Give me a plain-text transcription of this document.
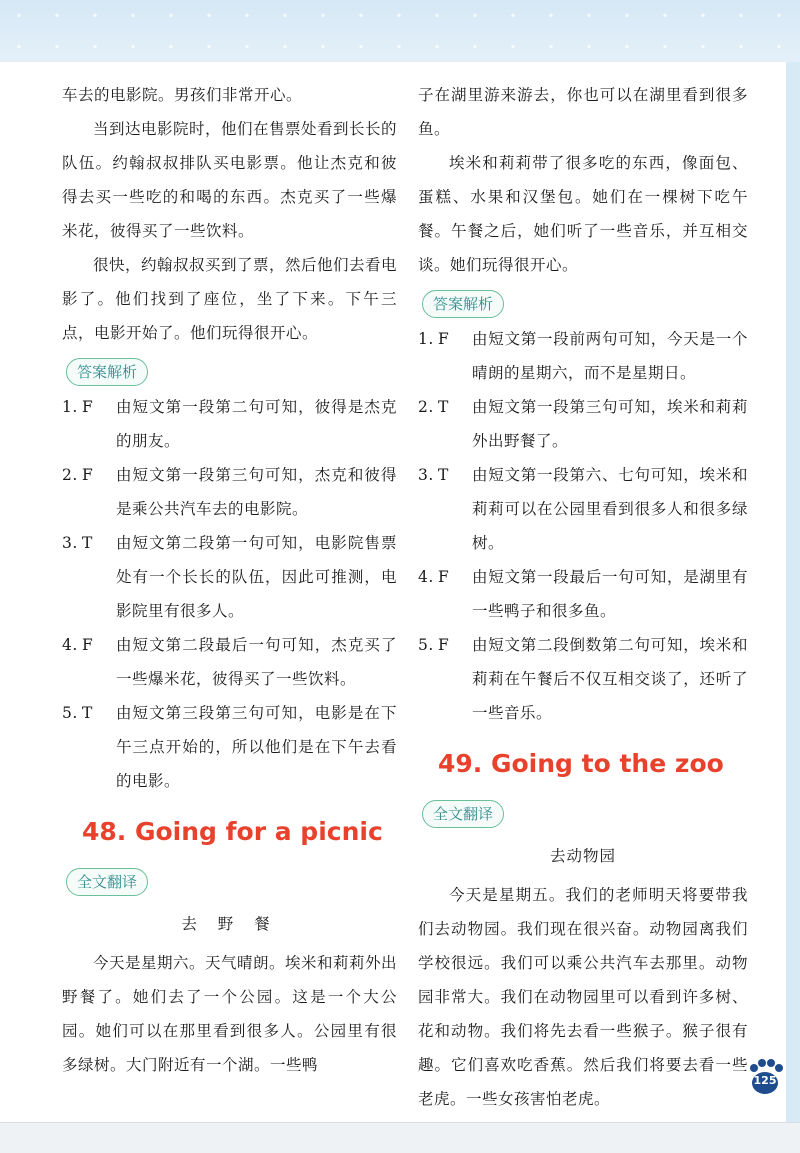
车去的电影院。男孩们非常开心。

当到达电影院时，他们在售票处看到长长的队伍。约翰叔叔排队买电影票。他让杰克和彼得去买一些吃的和喝的东西。杰克买了一些爆米花，彼得买了一些饮料。

很快，约翰叔叔买到了票，然后他们去看电影了。他们找到了座位，坐了下来。下午三点，电影开始了。他们玩得很开心。

答案解析
1. F	由短文第一段第二句可知，彼得是杰克的朋友。
2. F	由短文第一段第三句可知，杰克和彼得是乘公共汽车去的电影院。
3. T	由短文第二段第一句可知，电影院售票处有一个长长的队伍，因此可推测，电影院里有很多人。
4. F	由短文第二段最后一句可知，杰克买了一些爆米花，彼得买了一些饮料。
5. T	由短文第三段第三句可知，电影是在下午三点开始的，所以他们是在下午去看的电影。
48. Going for a picnic
全文翻译
去 野 餐

今天是星期六。天气晴朗。埃米和莉莉外出野餐了。她们去了一个公园。这是一个大公园。她们可以在那里看到很多人。公园里有很多绿树。大门附近有一个湖。一些鸭

子在湖里游来游去，你也可以在湖里看到很多鱼。

埃米和莉莉带了很多吃的东西，像面包、蛋糕、水果和汉堡包。她们在一棵树下吃午餐。午餐之后，她们听了一些音乐，并互相交谈。她们玩得很开心。

答案解析
1. F	由短文第一段前两句可知，今天是一个晴朗的星期六，而不是星期日。
2. T	由短文第一段第三句可知，埃米和莉莉外出野餐了。
3. T	由短文第一段第六、七句可知，埃米和莉莉可以在公园里看到很多人和很多绿树。
4. F	由短文第一段最后一句可知，是湖里有一些鸭子和很多鱼。
5. F	由短文第二段倒数第二句可知，埃米和莉莉在午餐后不仅互相交谈了，还听了一些音乐。
49. Going to the zoo
全文翻译
去动物园

今天是星期五。我们的老师明天将要带我们去动物园。我们现在很兴奋。动物园离我们学校很远。我们可以乘公共汽车去那里。动物园非常大。我们在动物园里可以看到许多树、花和动物。我们将先去看一些猴子。猴子很有趣。它们喜欢吃香蕉。然后我们将要去看一些老虎。一些女孩害怕老虎。

125
